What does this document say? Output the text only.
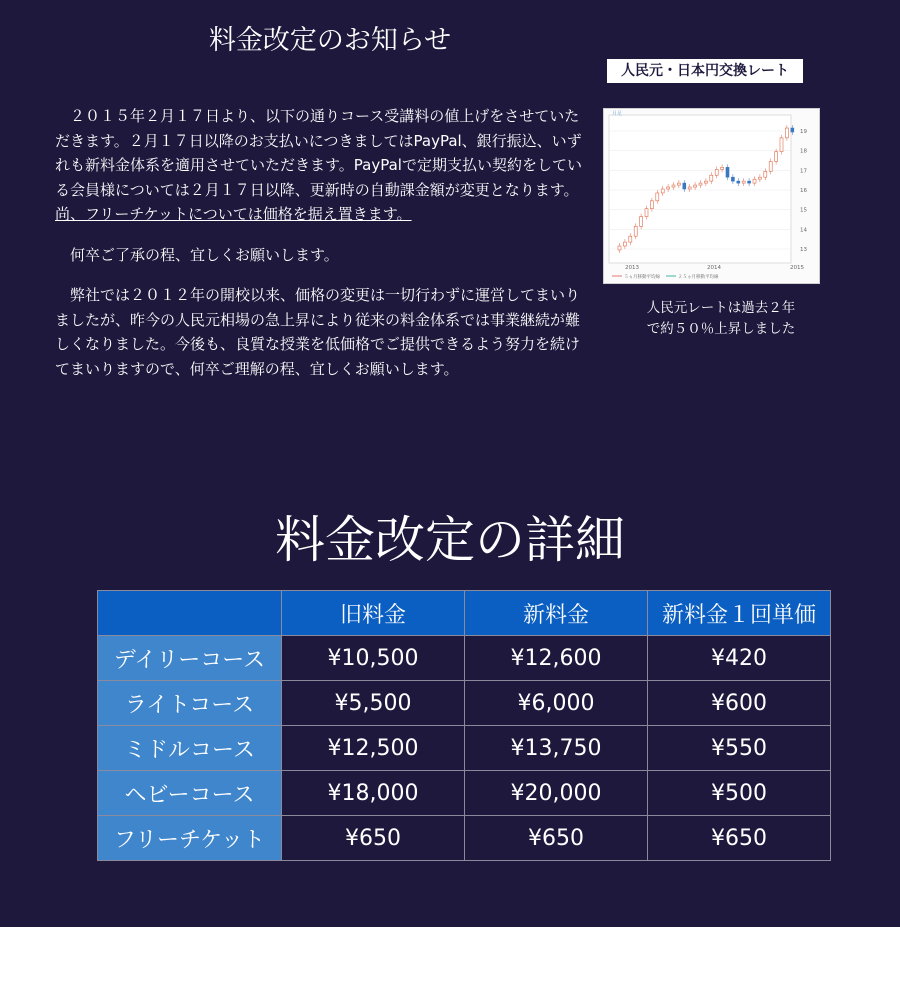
料金改定のお知らせ

２０１５年２月１７日より、以下の通りコース受講料の値上げをさせていただきます。２月１７日以降のお支払いにつきましてはPayPal、銀行振込、いずれも新料金体系を適用させていただきます。PayPalで定期支払い契約をしている会員様については２月１７日以降、更新時の自動課金額が変更となります。尚、フリーチケットについては価格を据え置きます。

何卒ご了承の程、宜しくお願いします。

弊社では２０１２年の開校以来、価格の変更は一切行わずに運営してまいりましたが、昨今の人民元相場の急上昇により従来の料金体系では事業継続が難しくなりました。今後も、良質な授業を低価格でご提供できるよう努力を続けてまいりますので、何卒ご理解の程、宜しくお願いします。

人民元・日本円交換レート
19
18
17
16
15
14
13
2013	2014	2015
月足
５ヵ月移動平均線	２５ヵ月移動平均線
人民元レートは過去２年
で約５０％上昇しました
料金改定の詳細
	旧料金	新料金	新料金１回単価
デイリーコース	¥10,500	¥12,600	¥420
ライトコース	¥5,500	¥6,000	¥600
ミドルコース	¥12,500	¥13,750	¥550
ヘビーコース	¥18,000	¥20,000	¥500
フリーチケット	¥650	¥650	¥650
